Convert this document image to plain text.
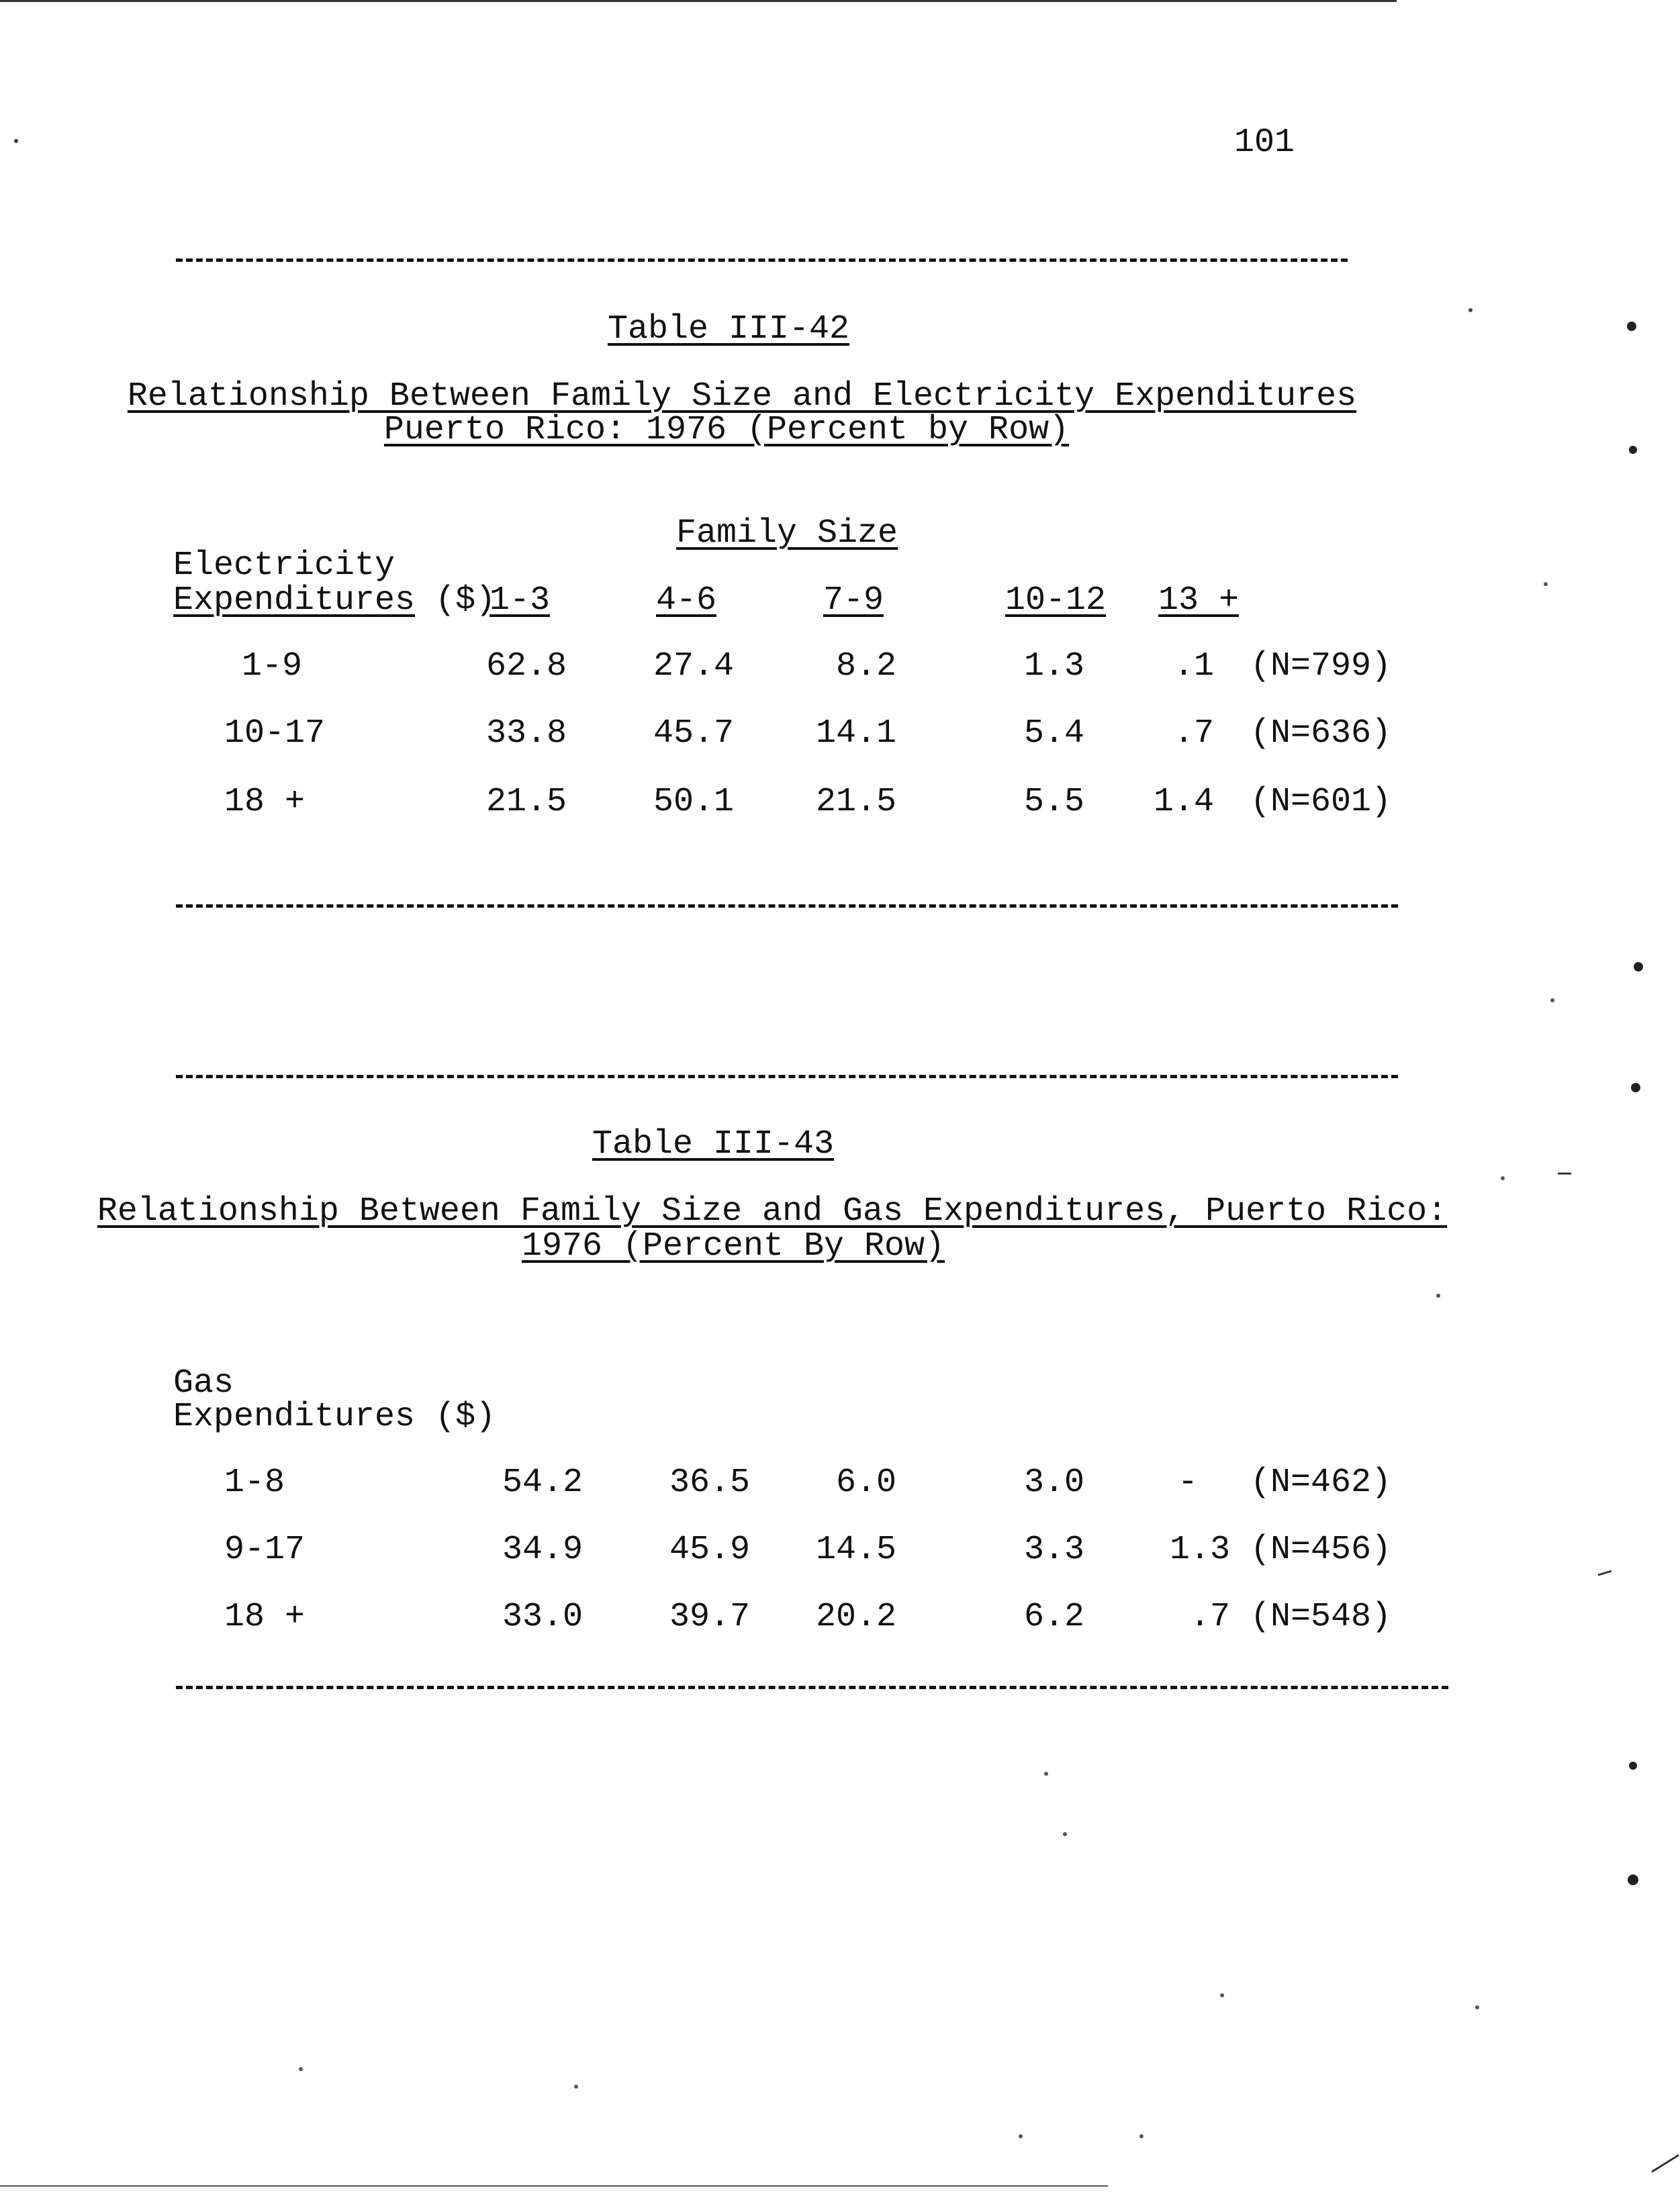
101
Table III-42
Relationship Between Family Size and Electricity Expenditures
Puerto Rico: 1976 (Percent by Row)
Family Size
Electricity
Expenditures ($)
1-3	4-6	7-9	10-12 13 +
1-9	62.8	27.4	8.2	1.3	.1 (N=799)
10-17	33.8	45.7 14.1	5.4	.7 (N=636)
18 +	21.5	50.1 21.5	5.5 1.4 (N=601)
Table III-43
Relationship Between Family Size and Gas Expenditures, Puerto Rico:
1976 (Percent By Row)
Gas
Expenditures ($)
1-8	54.2	36.5	6.0	3.0	- (N=462)
9-17	34.9	45.9 14.5	3.3	1.3 (N=456)
18 +	33.0	39.7 20.2	6.2	.7 (N=548)
